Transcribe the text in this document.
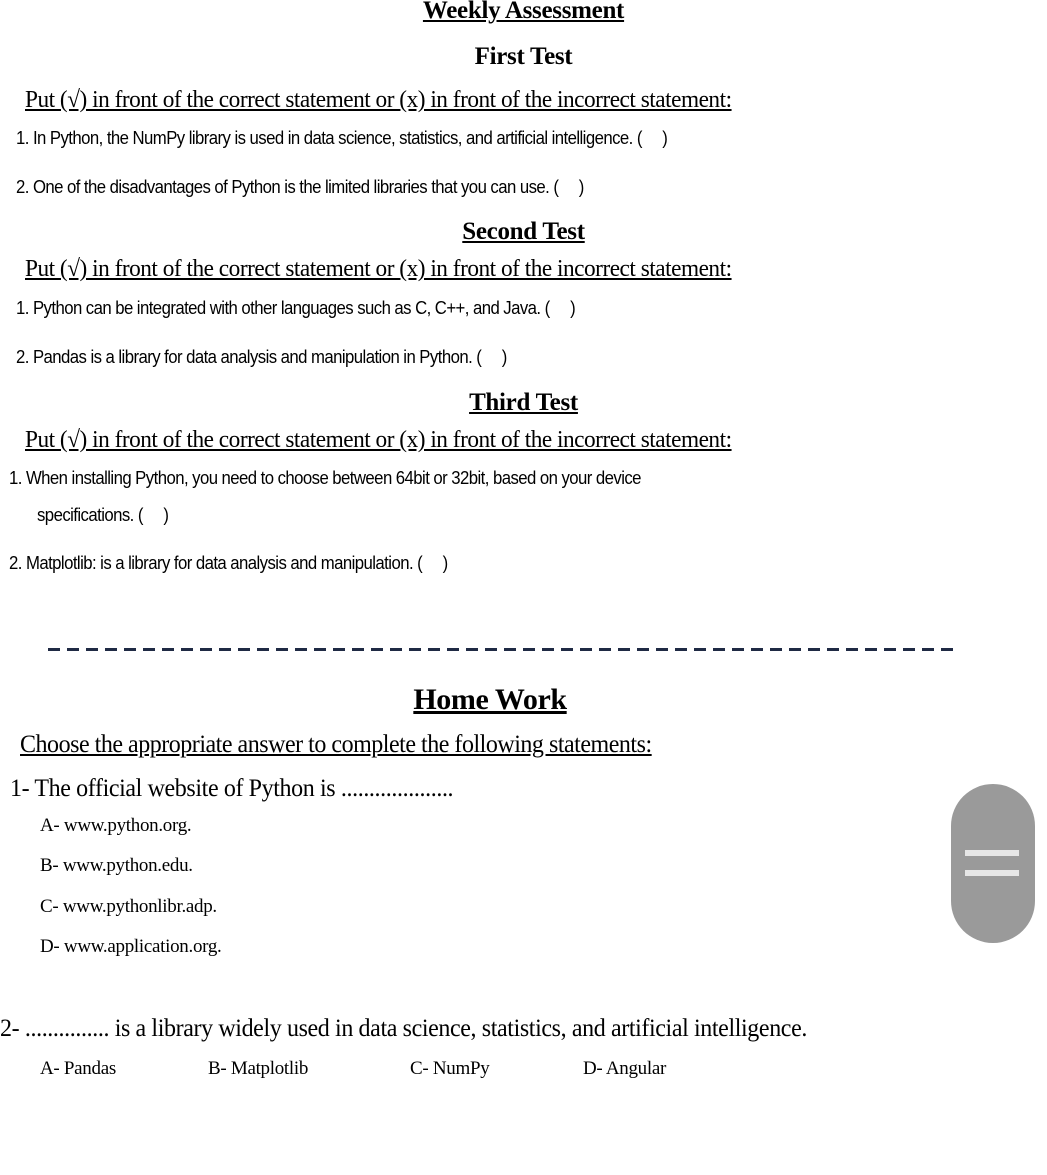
Weekly Assessment
First Test
Put (√) in front of the correct statement or (x) in front of the incorrect statement:
1. In Python, the NumPy library is used in data science, statistics, and artificial intelligence. ( )
2. One of the disadvantages of Python is the limited libraries that you can use. ( )
Second Test
Put (√) in front of the correct statement or (x) in front of the incorrect statement:
1. Python can be integrated with other languages such as C, C++, and Java. ( )
2. Pandas is a library for data analysis and manipulation in Python. ( )
Third Test
Put (√) in front of the correct statement or (x) in front of the incorrect statement:
1. When installing Python, you need to choose between 64bit or 32bit, based on your device
specifications. ( )
2. Matplotlib: is a library for data analysis and manipulation. ( )
Home Work
Choose the appropriate answer to complete the following statements:
1- The official website of Python is ....................
A- www.python.org.
B- www.python.edu.
C- www.pythonlibr.adp.
D- www.application.org.
2- ............... is a library widely used in data science, statistics, and artificial intelligence.
A- Pandas	B- Matplotlib	C- NumPy	D- Angular
